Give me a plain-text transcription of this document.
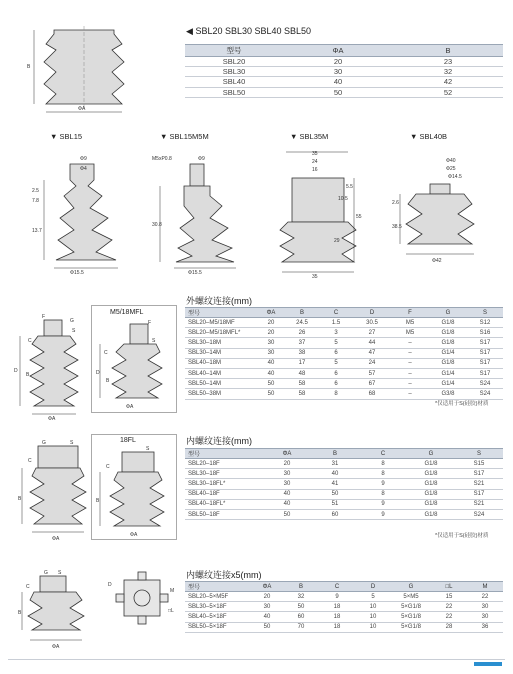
B
ΦA
◀ SBL20 SBL30 SBL40 SBL50
型号	ΦA	B
SBL20	20	23
SBL30	30	32
SBL40	40	42
SBL50	50	52
▼ SBL15	▼ SBL15M5M	▼ SBL35M	▼ SBL40B
Φ9
Φ4
2.5
7.8
13.7
Φ15.5
M5xP0.8	Φ9
30.8
Φ15.5
35
24
16
5.5
10.5
29
55
35
Φ40
Φ25
Φ14.5
2.6
38.5
Φ42
外螺纹连接(mm)
M5/18MFL
F
G
S
C
B
D
ΦA
F
S
C
D
B
ΦA
型号	ΦA	B	C	D	F	G	S
SBL20–M5/18MF	20	24.5	1.5	30.5	M5	G1/8	S12
SBL20–M5/18MFL*	20	26	3	27	M5	G1/8	S16
SBL30–18M	30	37	5	44	–	G1/8	S17
SBL30–14M	30	38	6	47	–	G1/4	S17
SBL40–18M	40	17	5	24	–	G1/8	S17
SBL40–14M	40	48	6	57	–	G1/4	S17
SBL50–14M	50	58	6	67	–	G1/4	S24
SBL50–38M	50	58	8	68	–	G3/8	S24
*仅适用于S(硅胶)材质
内螺纹连接(mm)
18FL
G	S
C
B
ΦA
S
C
B
ΦA
型号	ΦA	B	C	G	S
SBL20–18F	20	31	8	G1/8	S15
SBL30–18F	30	40	8	G1/8	S17
SBL30–18FL*	30	41	9	G1/8	S21
SBL40–18F	40	50	8	G1/8	S17
SBL40–18FL*	40	51	9	G1/8	S21
SBL50–18F	50	60	9	G1/8	S24
*仅适用于S(硅胶)材质
内螺纹连接x5(mm)
G S
C
B
ΦA
D
M
□L
型号	ΦA	B	C	D	G	□L	M
SBL20–5×M5F	20	32	9	5	5×M5	15	22
SBL30–5×18F	30	50	18	10	5×G1/8	22	30
SBL40–5×18F	40	60	18	10	5×G1/8	22	30
SBL50–5×18F	50	70	18	10	5×G1/8	28	36
